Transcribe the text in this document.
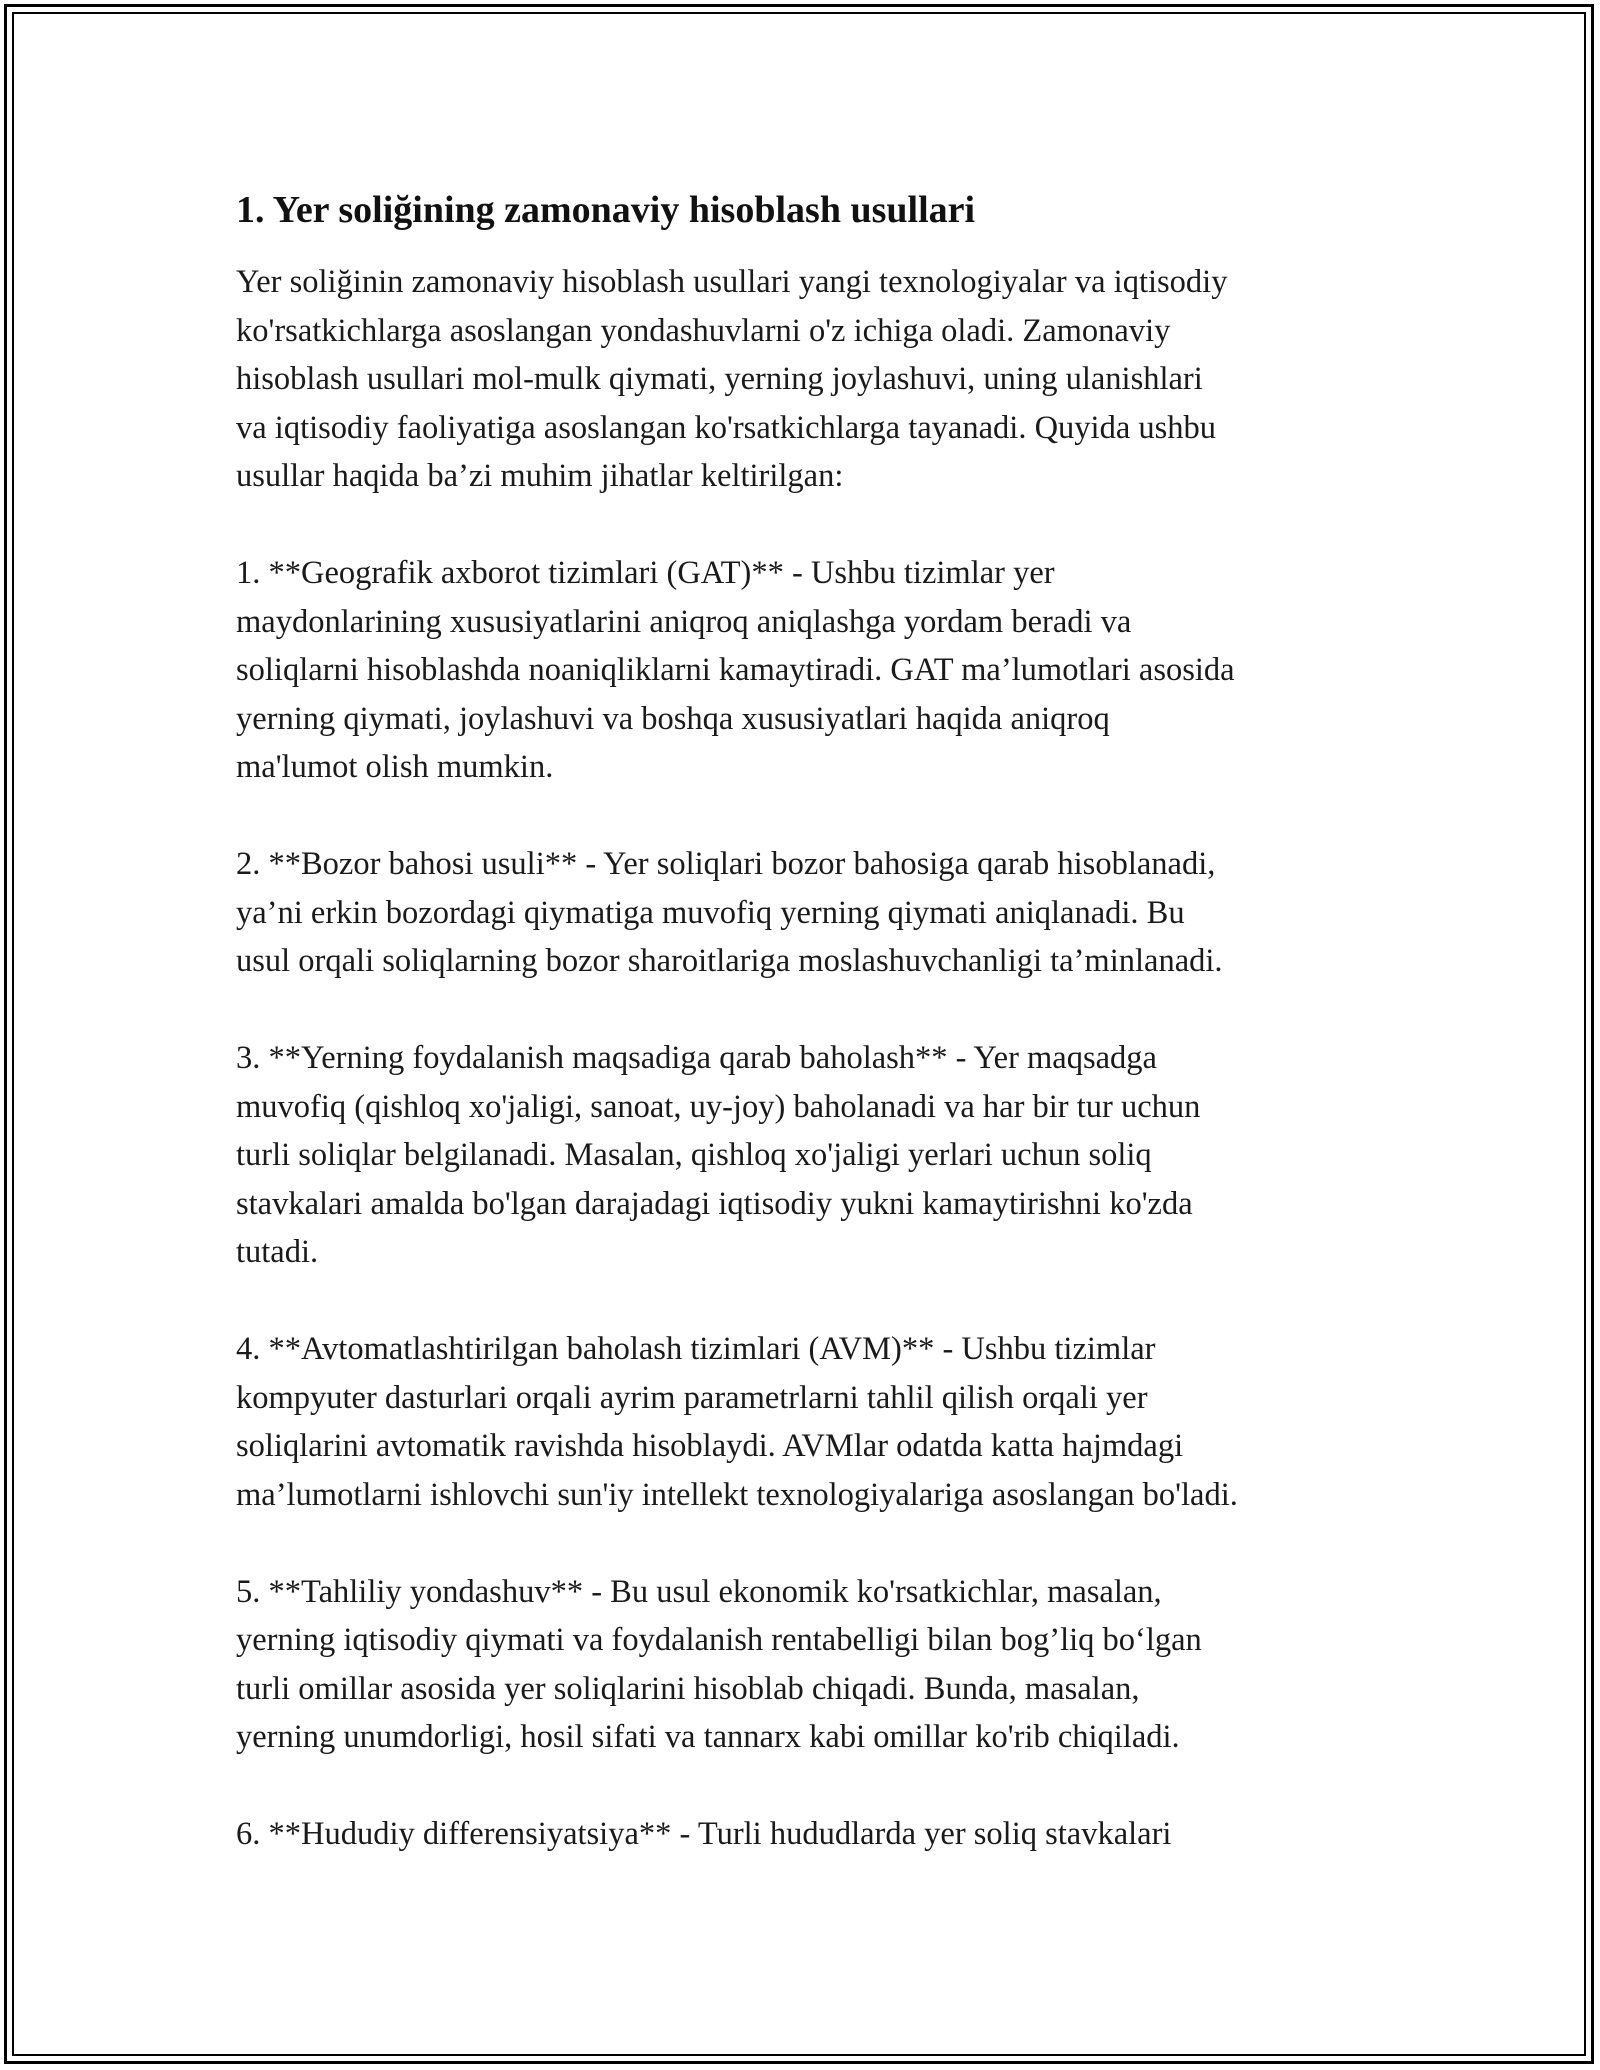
1. Yer soliğining zamonaviy hisoblash usullari

Yer soliğinin zamonaviy hisoblash usullari yangi texnologiyalar va iqtisodiy
ko'rsatkichlarga asoslangan yondashuvlarni o'z ichiga oladi. Zamonaviy
hisoblash usullari mol-mulk qiymati, yerning joylashuvi, uning ulanishlari
va iqtisodiy faoliyatiga asoslangan ko'rsatkichlarga tayanadi. Quyida ushbu
usullar haqida ba’zi muhim jihatlar keltirilgan:

1. **Geografik axborot tizimlari (GAT)** - Ushbu tizimlar yer
maydonlarining xususiyatlarini aniqroq aniqlashga yordam beradi va
soliqlarni hisoblashda noaniqliklarni kamaytiradi. GAT ma’lumotlari asosida
yerning qiymati, joylashuvi va boshqa xususiyatlari haqida aniqroq
ma'lumot olish mumkin.

2. **Bozor bahosi usuli** - Yer soliqlari bozor bahosiga qarab hisoblanadi,
ya’ni erkin bozordagi qiymatiga muvofiq yerning qiymati aniqlanadi. Bu
usul orqali soliqlarning bozor sharoitlariga moslashuvchanligi ta’minlanadi.

3. **Yerning foydalanish maqsadiga qarab baholash** - Yer maqsadga
muvofiq (qishloq xo'jaligi, sanoat, uy-joy) baholanadi va har bir tur uchun
turli soliqlar belgilanadi. Masalan, qishloq xo'jaligi yerlari uchun soliq
stavkalari amalda bo'lgan darajadagi iqtisodiy yukni kamaytirishni ko'zda
tutadi.

4. **Avtomatlashtirilgan baholash tizimlari (AVM)** - Ushbu tizimlar
kompyuter dasturlari orqali ayrim parametrlarni tahlil qilish orqali yer
soliqlarini avtomatik ravishda hisoblaydi. AVMlar odatda katta hajmdagi
ma’lumotlarni ishlovchi sun'iy intellekt texnologiyalariga asoslangan bo'ladi.

5. **Tahliliy yondashuv** - Bu usul ekonomik ko'rsatkichlar, masalan,
yerning iqtisodiy qiymati va foydalanish rentabelligi bilan bog’liq bo‘lgan
turli omillar asosida yer soliqlarini hisoblab chiqadi. Bunda, masalan,
yerning unumdorligi, hosil sifati va tannarx kabi omillar ko'rib chiqiladi.

6. **Hududiy differensiyatsiya** - Turli hududlarda yer soliq stavkalari
